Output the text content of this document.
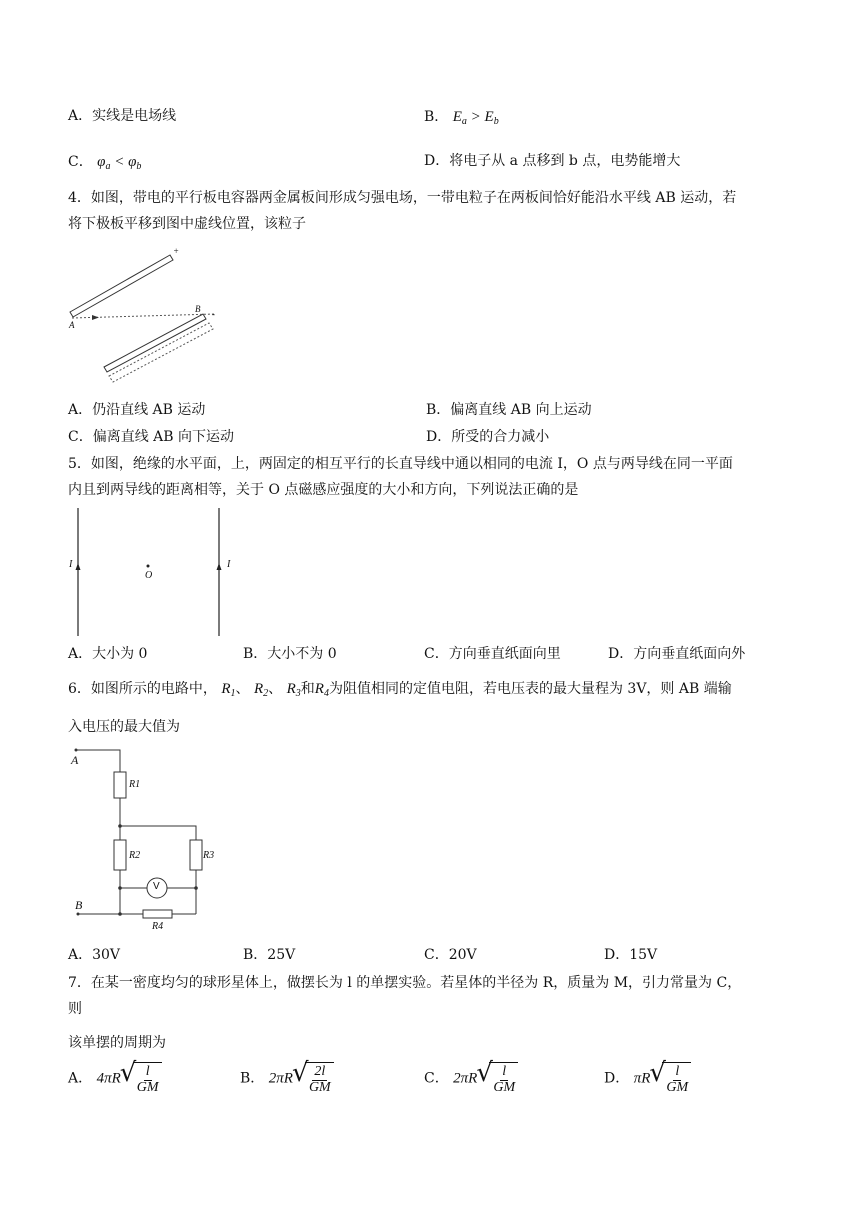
A．实线是电场线	B． $E_a > E_b$
C． $\varphi_a < \varphi_b$	D．将电子从 a 点移到 b 点，电势能增大
4．如图，带电的平行板电容器两金属板间形成匀强电场，一带电粒子在两板间恰好能沿水平线 AB 运动，若
将下极板平移到图中虚线位置，该粒子
+
A
B -
A．仍沿直线 AB 运动	B．偏离直线 AB 向上运动
C．偏离直线 AB 向下运动	D．所受的合力减小
5．如图，绝缘的水平面，上，两固定的相互平行的长直导线中通以相同的电流 I，O 点与两导线在同一平面
内且到两导线的距离相等，关于 O 点磁感应强度的大小和方向，下列说法正确的是
I
O
I
A．大小为 0	B．大小不为 0	C．方向垂直纸面向里	D．方向垂直纸面向外
6．如图所示的电路中， $R_1$、 $R_2$、 $R_3$和$R_4$为阻值相同的定值电阻，若电压表的最大量程为 3V，则 AB 端输
入电压的最大值为
A
B
R1
R2	R3
R4
V
A．30V	B．25V	C．20V	D．15V
7．在某一密度均匀的球形星体上，做摆长为 l 的单摆实验。若星体的半径为 R，质量为 M，引力常量为 C，
则
该单摆的周期为
A． 4πR √ $\frac{l}{GM}$	B． 2πR √ $\frac{2l}{GM}$	C． 2πR √ $\frac{l}{GM}$	D． πR √ $\frac{l}{GM}$
